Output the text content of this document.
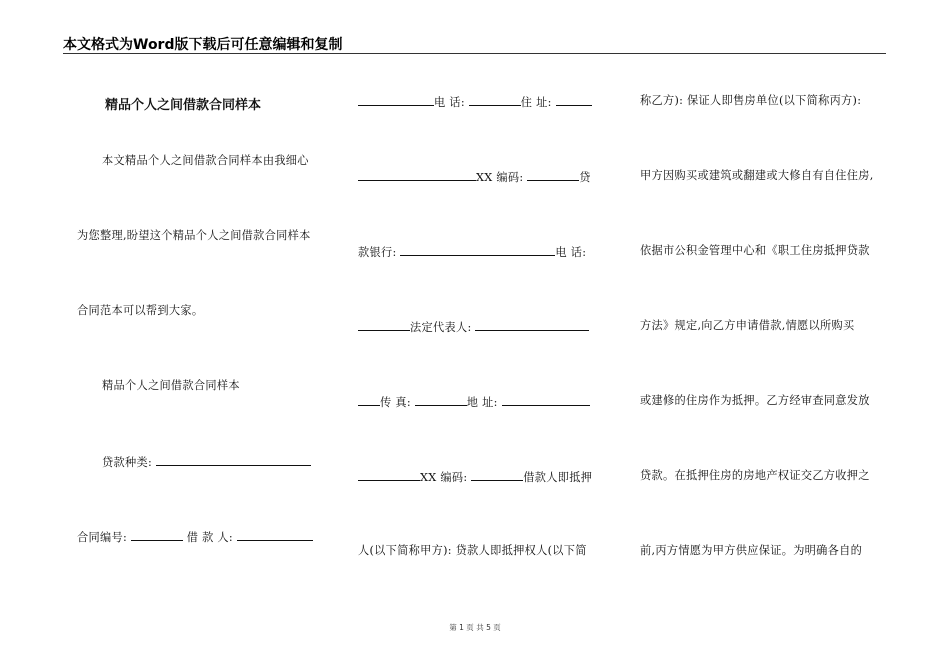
本文格式为Word版下载后可任意编辑和复制
精品个人之间借款合同样本
本文精品个人之间借款合同样本由我细心
为您整理,盼望这个精品个人之间借款合同样本
合同范本可以帮到大家。
精品个人之间借款合同样本
贷款种类:
合同编号:	借 款 人:
电 话:	住 址:
XX 编码:	贷
款银行:	电 话:
法定代表人:
传 真:	地 址:
XX 编码:	借款人即抵押
人(以下简称甲方): 贷款人即抵押权人(以下简
称乙方): 保证人即售房单位(以下简称丙方):
甲方因购买或建筑或翻建或大修自有自住住房,
依据市公积金管理中心和《职工住房抵押贷款
方法》规定,向乙方申请借款,情愿以所购买
或建修的住房作为抵押。乙方经审查同意发放
贷款。在抵押住房的房地产权证交乙方收押之
前,丙方情愿为甲方供应保证。为明确各自的
第 1 页 共 5 页
